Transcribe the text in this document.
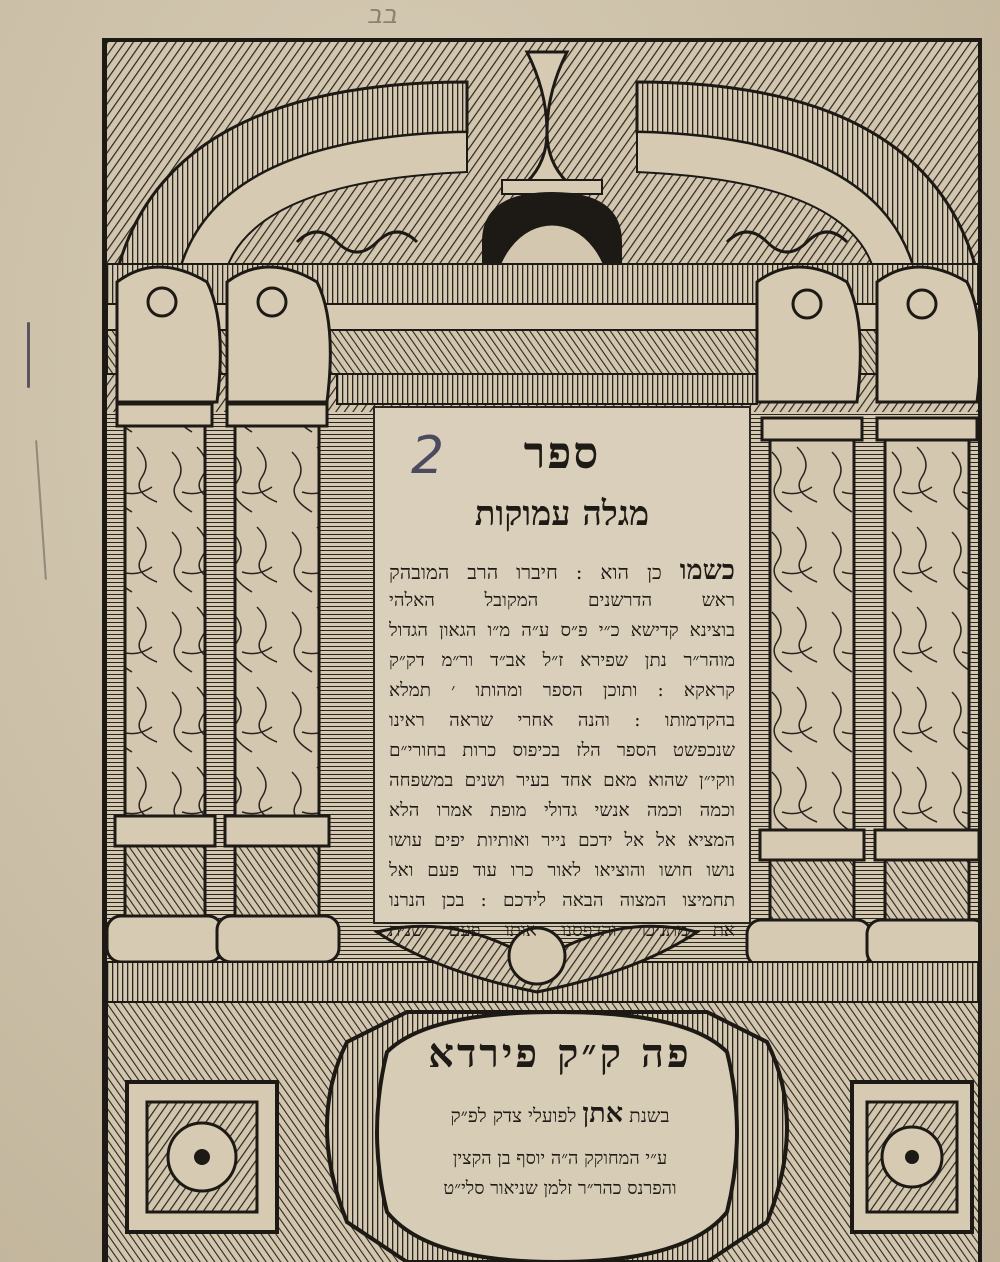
בב
ספר
2
מגלה עמוקות
כשמו כן הוא : חיברו הרב המובהק
ראש הדרשנים המקובל האלהי
בוצינא קדישא כ״י פ״ס ע״ה מ״ו הגאון הגדול
מוהר״ר נתן שפירא ז״ל אב״ד ור״מ דק״ק
קראקא : ותוכן הספר ומהותו ׳ תמלא
בהקדמותו : והנה אחרי שראה ראינו
שנכפשט הספר הלז בכיפוס כרות בחורי״ם
ווקי״ן שהוא מאם אחד בעיר ושנים במשפחה
וכמה וכמה אנשי גדולי מופת אמרו הלא
המציא אל אל ידכם נייר ואותיות יפים עושו
נושו חושו והוציאו לאור כרו עוד פעם ואל
תחמיצו המצוה הבאה לידכם : בכן הנרנו
את מתניכו והדפסנו אותו פעם שנית
פה ק״ק פירדא
בשנת אתן לפועלי צדק לפ״ק
ע״י המחוקק ה״ה יוסף בן הקצין
והפרנס כהר״ר זלמן שניאור סלי״ט
